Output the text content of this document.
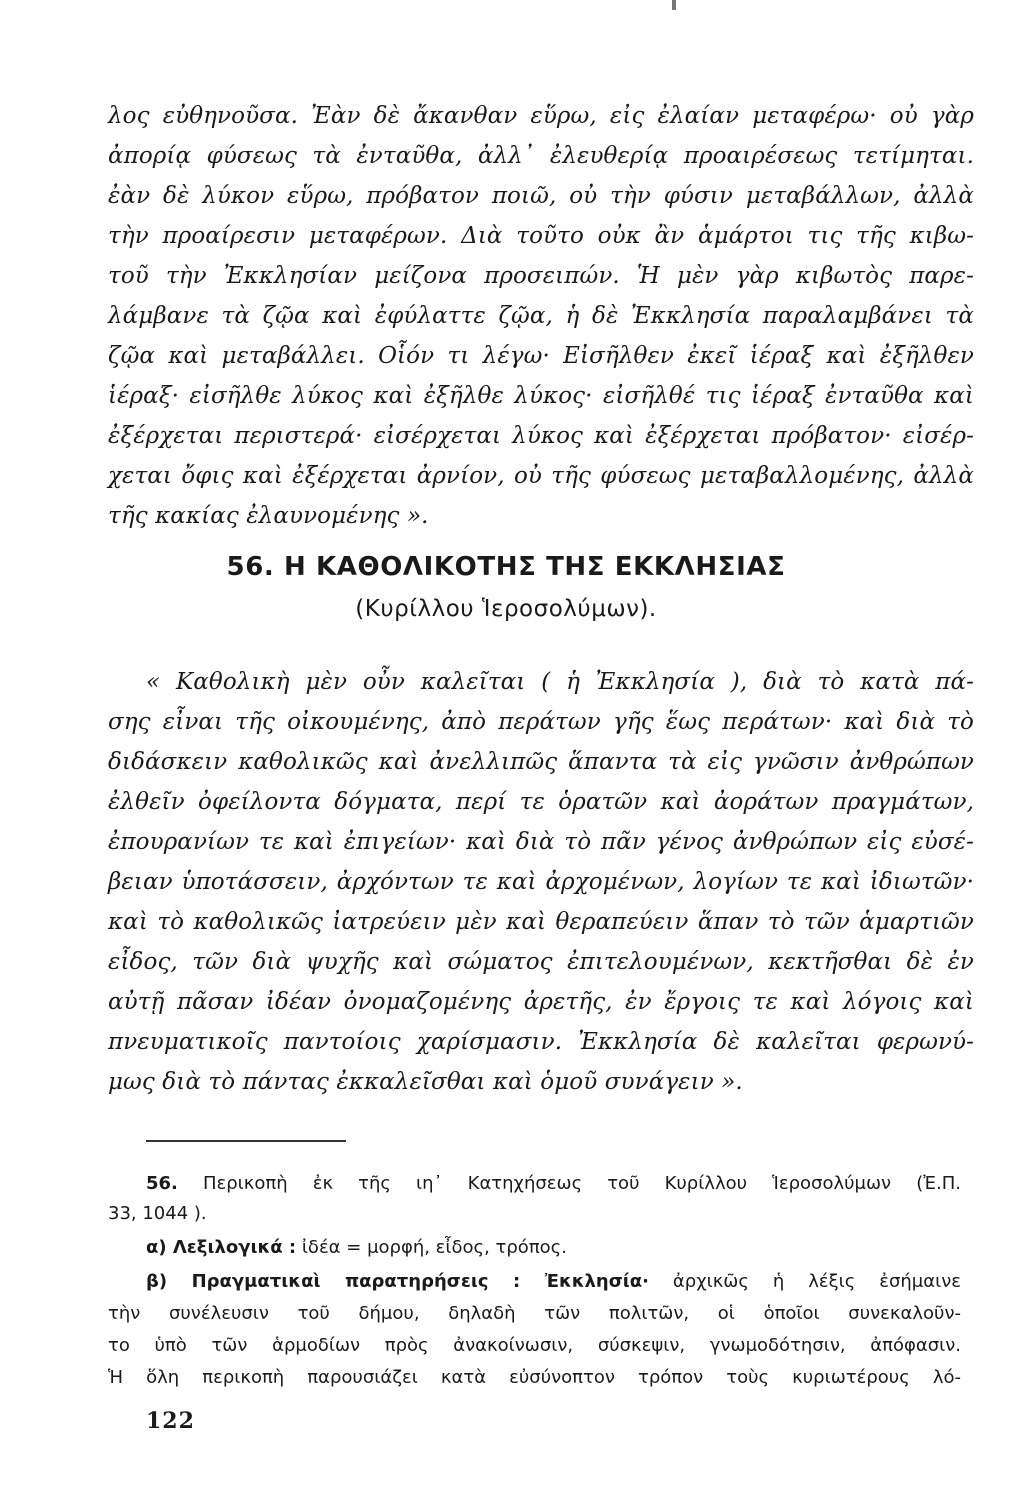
λος εὐθηνοῦσα. Ἐὰν δὲ ἄκανθαν εὕρω, εἰς ἐλαίαν μεταφέρω· οὐ γὰρ
ἀπορίᾳ φύσεως τὰ ἐνταῦθα, ἀλλ᾽ ἐλευθερίᾳ προαιρέσεως τετίμηται.
ἐὰν δὲ λύκον εὕρω, πρόβατον ποιῶ, οὐ τὴν φύσιν μεταβάλλων, ἀλλὰ
τὴν προαίρεσιν μεταφέρων. Διὰ τοῦτο οὐκ ἂν ἁμάρτοι τις τῆς κιβω-
τοῦ τὴν Ἐκκλησίαν μείζονα προσειπών. Ἡ μὲν γὰρ κιβωτὸς παρε-
λάμβανε τὰ ζῷα καὶ ἐφύλαττε ζῷα, ἡ δὲ Ἐκκλησία παραλαμβάνει τὰ
ζῷα καὶ μεταβάλλει. Οἷόν τι λέγω· Εἰσῆλθεν ἐκεῖ ἱέραξ καὶ ἐξῆλθεν
ἱέραξ· εἰσῆλθε λύκος καὶ ἐξῆλθε λύκος· εἰσῆλθέ τις ἱέραξ ἐνταῦθα καὶ
ἐξέρχεται περιστερά· εἰσέρχεται λύκος καὶ ἐξέρχεται πρόβατον· εἰσέρ-
χεται ὄφις καὶ ἐξέρχεται ἀρνίον, οὐ τῆς φύσεως μεταβαλλομένης, ἀλλὰ
τῆς κακίας ἐλαυνομένης ».
56. Η ΚΑΘΟΛΙΚΟΤΗΣ ΤΗΣ ΕΚΚΛΗΣΙΑΣ
(Κυρίλλου Ἱεροσολύμων).
« Καθολικὴ μὲν οὖν καλεῖται ( ἡ Ἐκκλησία ), διὰ τὸ κατὰ πά-
σης εἶναι τῆς οἰκουμένης, ἀπὸ περάτων γῆς ἕως περάτων· καὶ διὰ τὸ
διδάσκειν καθολικῶς καὶ ἀνελλιπῶς ἅπαντα τὰ εἰς γνῶσιν ἀνθρώπων
ἐλθεῖν ὀφείλοντα δόγματα, περί τε ὁρατῶν καὶ ἀοράτων πραγμάτων,
ἐπουρανίων τε καὶ ἐπιγείων· καὶ διὰ τὸ πᾶν γένος ἀνθρώπων εἰς εὐσέ-
βειαν ὑποτάσσειν, ἀρχόντων τε καὶ ἀρχομένων, λογίων τε καὶ ἰδιωτῶν·
καὶ τὸ καθολικῶς ἰατρεύειν μὲν καὶ θεραπεύειν ἅπαν τὸ τῶν ἁμαρτιῶν
εἶδος, τῶν διὰ ψυχῆς καὶ σώματος ἐπιτελουμένων, κεκτῆσθαι δὲ ἐν
αὐτῇ πᾶσαν ἰδέαν ὀνομαζομένης ἀρετῆς, ἐν ἔργοις τε καὶ λόγοις καὶ
πνευματικοῖς παντοίοις χαρίσμασιν. Ἐκκλησία δὲ καλεῖται φερωνύ-
μως διὰ τὸ πάντας ἐκκαλεῖσθαι καὶ ὁμοῦ συνάγειν ».
56. Περικοπὴ ἐκ τῆς ιη᾽ Κατηχήσεως τοῦ Κυρίλλου Ἱεροσολύμων (Ἐ.Π.
33, 1044 ).
α) Λεξιλογικά : ἰδέα = μορφή, εἶδος, τρόπος.
β) Πραγματικαὶ παρατηρήσεις : Ἐκκλησία· ἀρχικῶς ἡ λέξις ἐσήμαινε
τὴν συνέλευσιν τοῦ δήμου, δηλαδὴ τῶν πολιτῶν, οἱ ὁποῖοι συνεκαλοῦν-
το ὑπὸ τῶν ἁρμοδίων πρὸς ἀνακοίνωσιν, σύσκεψιν, γνωμοδότησιν, ἀπόφασιν.
Ἡ ὅλη περικοπὴ παρουσιάζει κατὰ εὐσύνοπτον τρόπον τοὺς κυριωτέρους λό-
122
